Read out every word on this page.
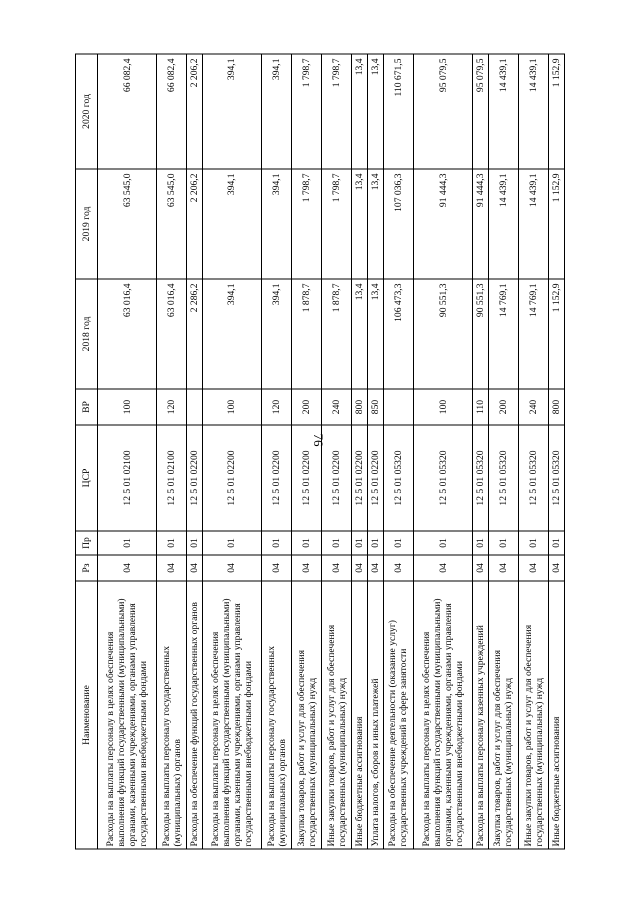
76
Наименование	Рз	Пр	ЦСР	ВР	2018 год	2019 год	2020 год
Расходы на выплаты персоналу в целях обеспечения выполнения функций государственными (муниципальными) органами, казенными учреждениями, органами управления государственными внебюджетными фондами	04	01	12 5 01 02100	100	63 016,4	63 545,0	66 082,4
Расходы на выплаты персоналу государственных (муниципальных) органов	04	01	12 5 01 02100	120	63 016,4	63 545,0	66 082,4
Расходы на обеспечение функций государственных органов	04	01	12 5 01 02200		2 286,2	2 206,2	2 206,2
Расходы на выплаты персоналу в целях обеспечения выполнения функций государственными (муниципальными) органами, казенными учреждениями, органами управления государственными внебюджетными фондами	04	01	12 5 01 02200	100	394,1	394,1	394,1
Расходы на выплаты персоналу государственных (муниципальных) органов	04	01	12 5 01 02200	120	394,1	394,1	394,1
Закупка товаров, работ и услуг для обеспечения государственных (муниципальных) нужд	04	01	12 5 01 02200	200	1 878,7	1 798,7	1 798,7
Иные закупки товаров, работ и услуг для обеспечения государственных (муниципальных) нужд	04	01	12 5 01 02200	240	1 878,7	1 798,7	1 798,7
Иные бюджетные ассигнования	04	01	12 5 01 02200	800	13,4	13,4	13,4
Уплата налогов, сборов и иных платежей	04	01	12 5 01 02200	850	13,4	13,4	13,4
Расходы на обеспечение деятельности (оказание услуг) государственных учреждений в сфере занятости	04	01	12 5 01 05320		106 473,3	107 036,3	110 671,5
Расходы на выплаты персоналу в целях обеспечения выполнения функций государственными (муниципальными) органами, казенными учреждениями, органами управления государственными внебюджетными фондами	04	01	12 5 01 05320	100	90 551,3	91 444,3	95 079,5
Расходы на выплаты персоналу казенных учреждений	04	01	12 5 01 05320	110	90 551,3	91 444,3	95 079,5
Закупка товаров, работ и услуг для обеспечения государственных (муниципальных) нужд	04	01	12 5 01 05320	200	14 769,1	14 439,1	14 439,1
Иные закупки товаров, работ и услуг для обеспечения государственных (муниципальных) нужд	04	01	12 5 01 05320	240	14 769,1	14 439,1	14 439,1
Иные бюджетные ассигнования	04	01	12 5 01 05320	800	1 152,9	1 152,9	1 152,9
